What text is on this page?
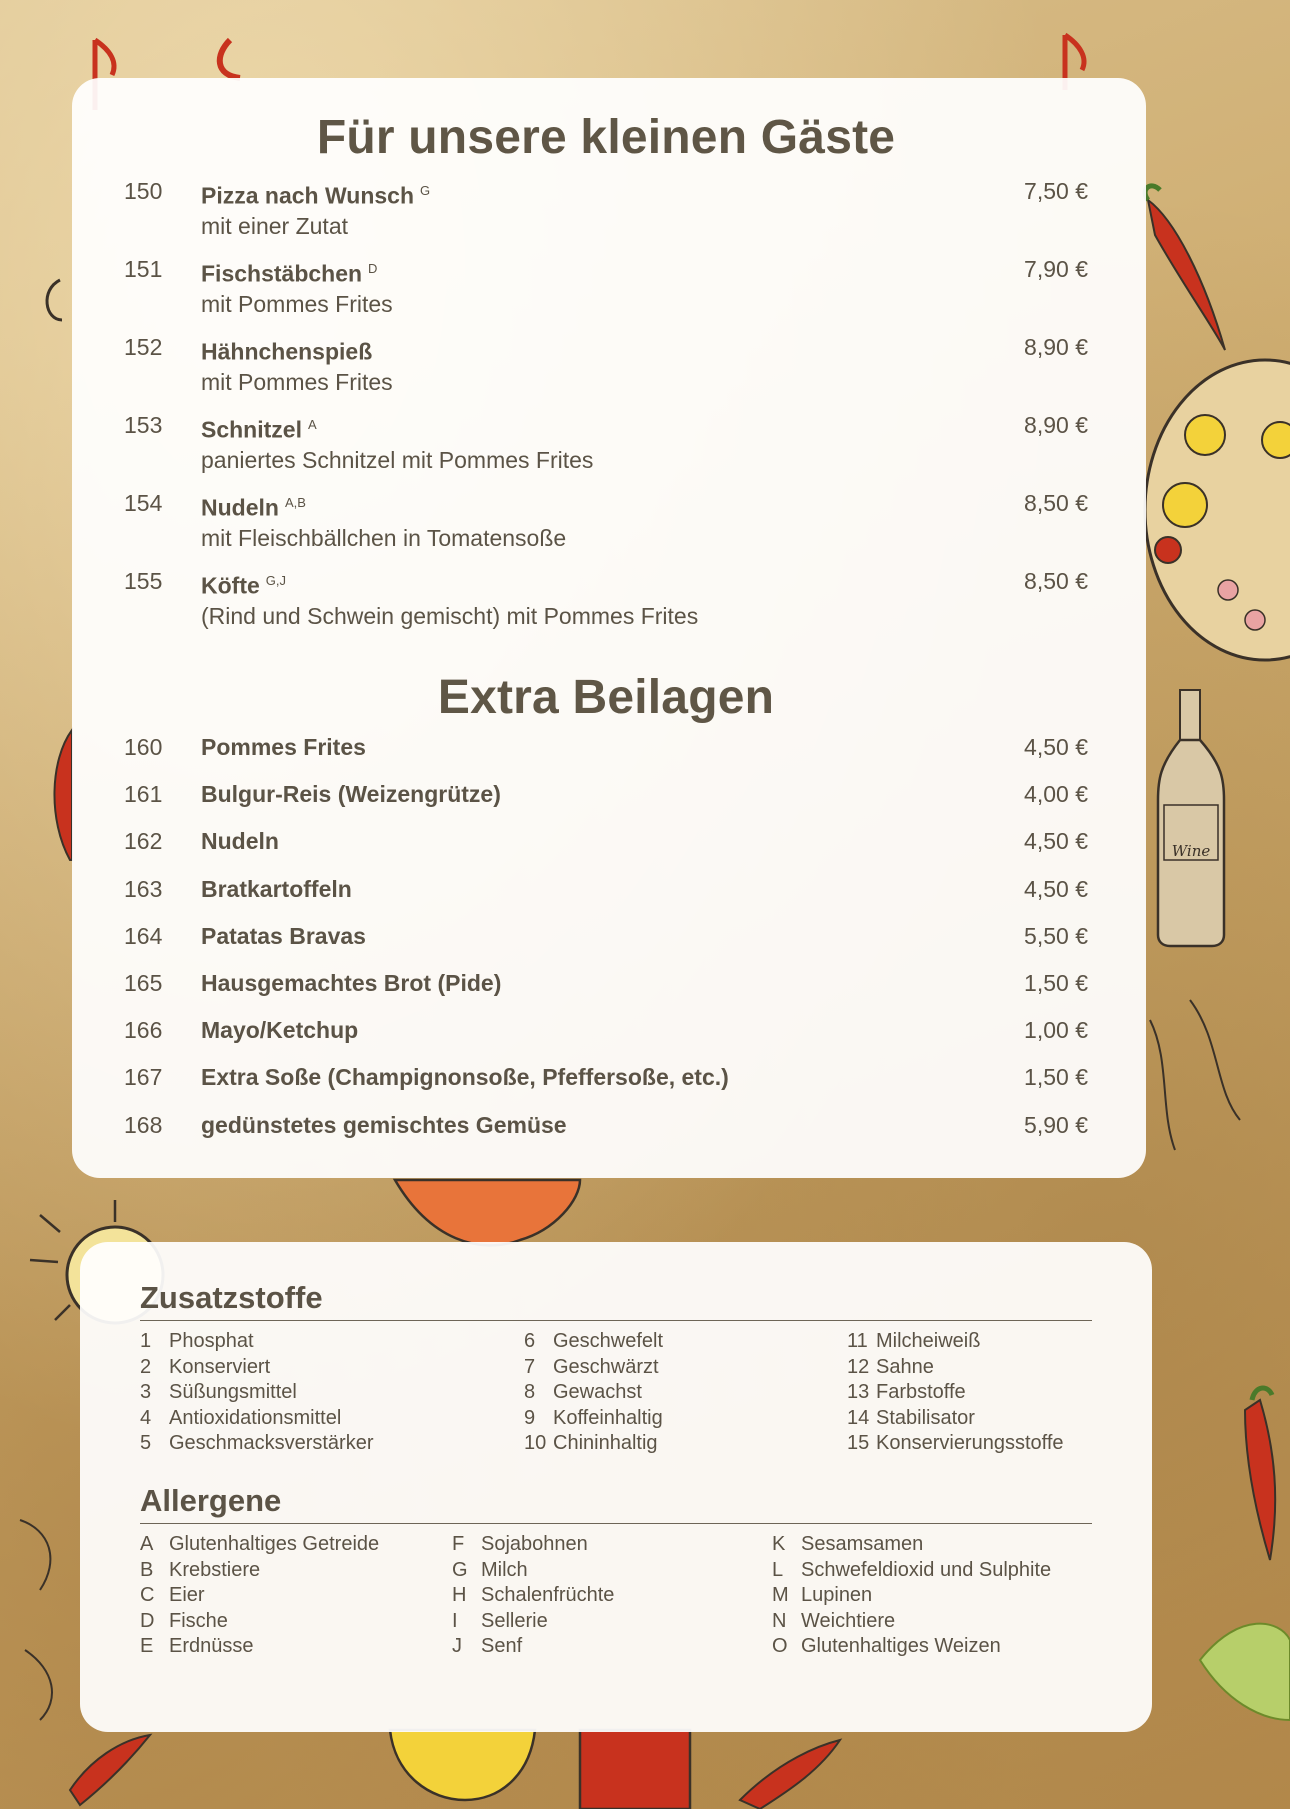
Wine
Für unsere kleinen Gäste
150 Pizza nach Wunsch $^G$
mit einer Zutat
7,50 €
151 Fischstäbchen $^D$
mit Pommes Frites
7,90 €
152 Hähnchenspieß
mit Pommes Frites
8,90 €
153 Schnitzel $^A$
paniertes Schnitzel mit Pommes Frites
8,90 €
154 Nudeln $^{A,B}$
mit Fleischbällchen in Tomatensoße
8,50 €
155 Köfte $^{G,J}$
(Rind und Schwein gemischt) mit Pommes Frites
8,50 €
Extra Beilagen
160 Pommes Frites	4,50 €
161 Bulgur-Reis (Weizengrütze)	4,00 €
162 Nudeln	4,50 €
163 Bratkartoffeln	4,50 €
164 Patatas Bravas	5,50 €
165 Hausgemachtes Brot (Pide)	1,50 €
166 Mayo/Ketchup	1,00 €
167 Extra Soße (Champignonsoße, Pfeffersoße, etc.)	1,50 €
168 gedünstetes gemischtes Gemüse	5,90 €
Zusatzstoffe
1 Phosphat
2 Konserviert
3 Süßungsmittel
4 Antioxidationsmittel
5 Geschmacksverstärker
6 Geschwefelt
7 Geschwärzt
8 Gewachst
9 Koffeinhaltig
10 Chininhaltig
11 Milcheiweiß
12 Sahne
13 Farbstoffe
14 Stabilisator
15 Konservierungsstoffe
Allergene
A Glutenhaltiges Getreide
B Krebstiere
C Eier
D Fische
E Erdnüsse
F Sojabohnen
G Milch
H Schalenfrüchte
I Sellerie
J Senf
K Sesamsamen
L Schwefeldioxid und Sulphite
M Lupinen
N Weichtiere
O Glutenhaltiges Weizen
